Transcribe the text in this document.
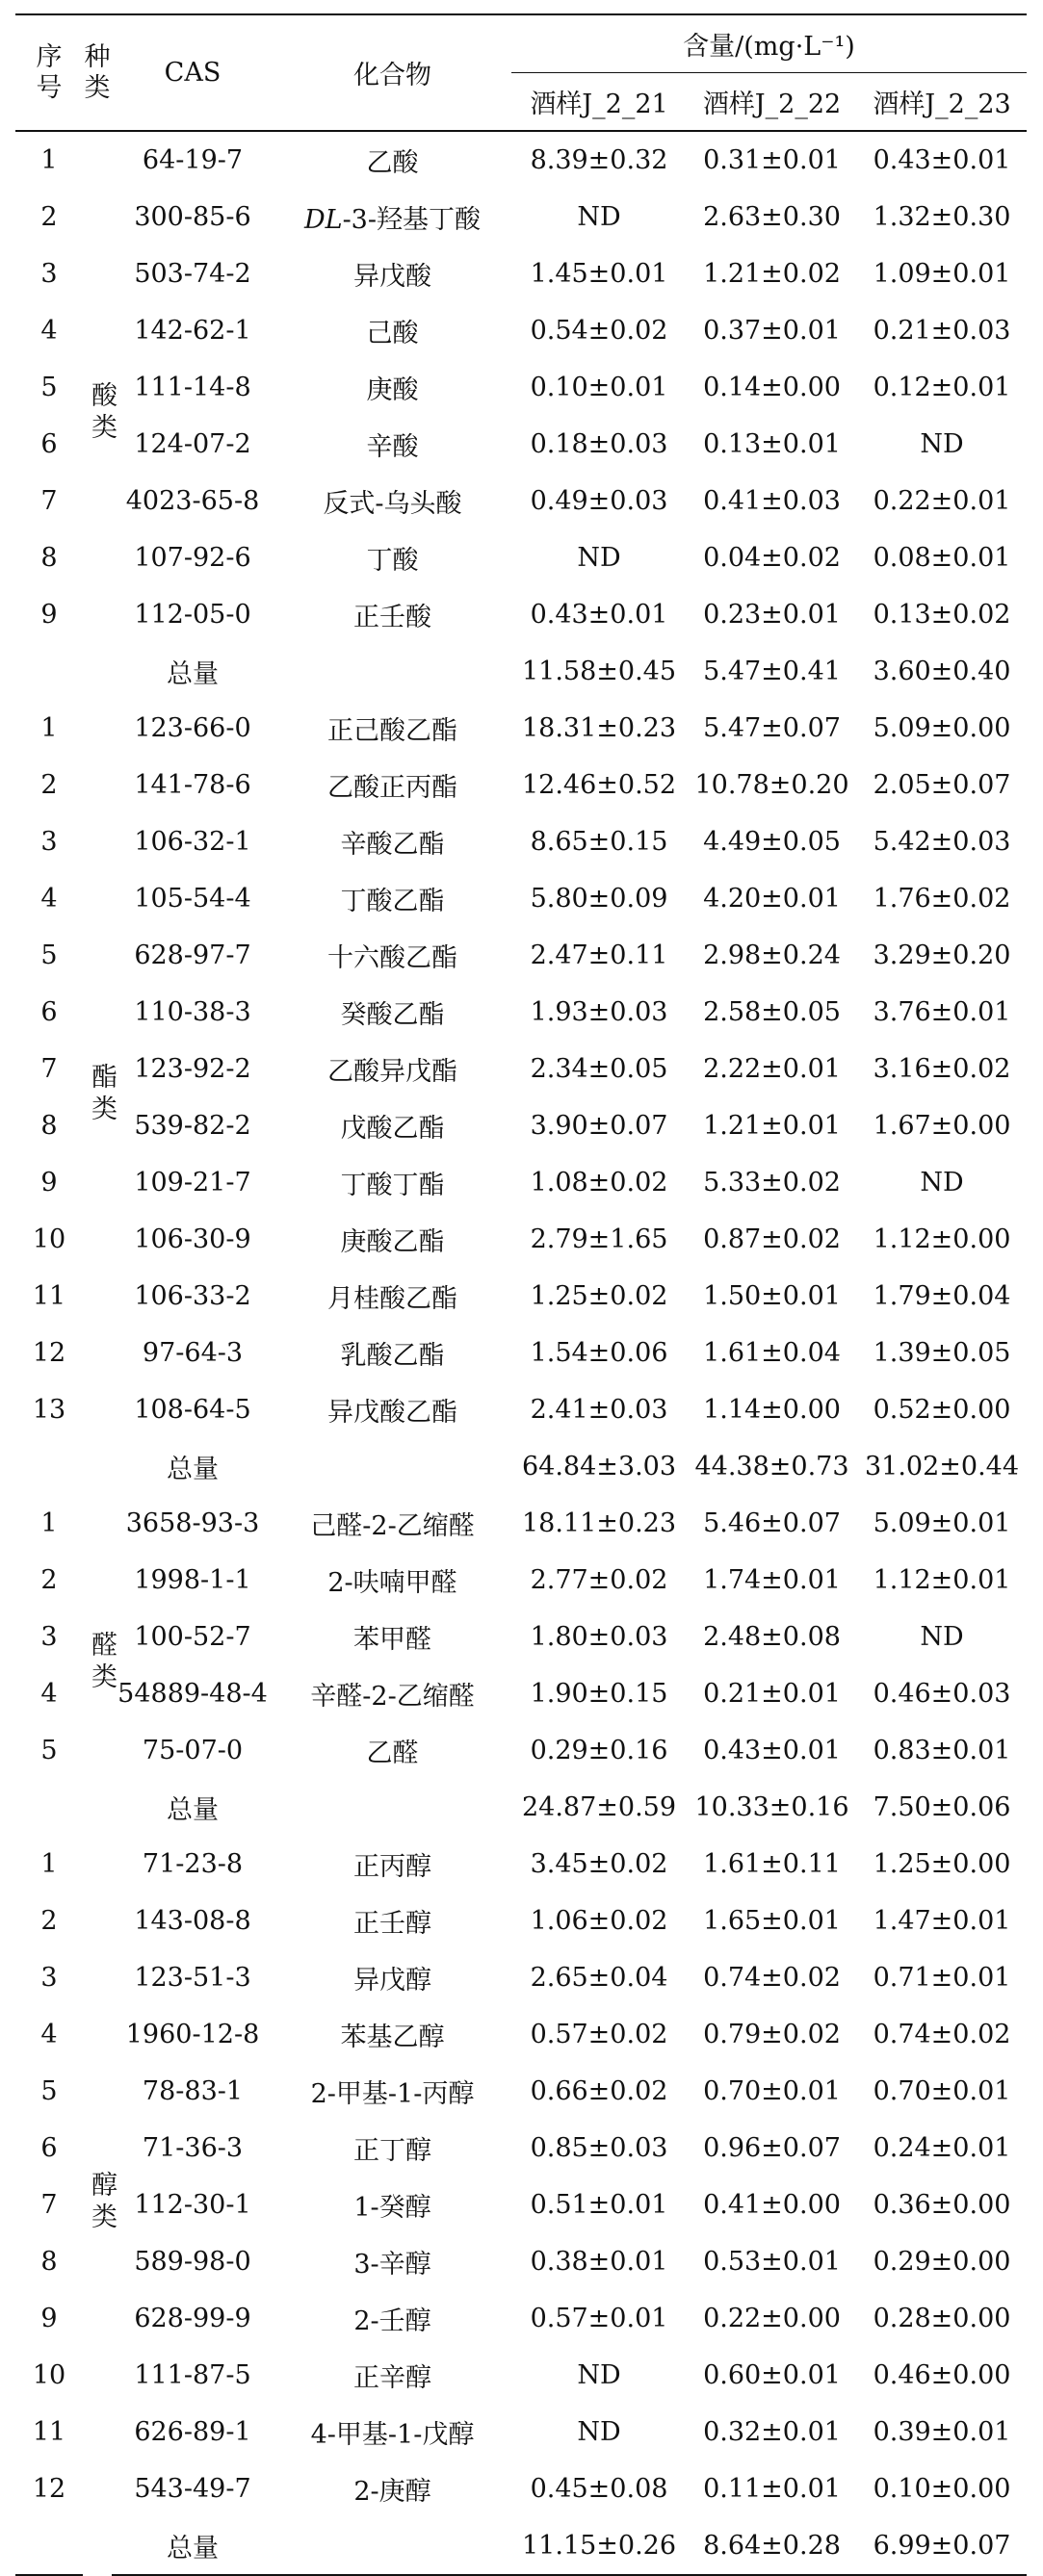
序号	种类	CAS	化合物	含量/(mg·L⁻¹)		
				酒样J_2_21	酒样J_2_22	酒样J_2_23
1	酸类	64-19-7	乙酸	8.39±0.32	0.31±0.01	0.43±0.01
2		300-85-6	DL-3-羟基丁酸	ND	2.63±0.30	1.32±0.30
3		503-74-2	异戊酸	1.45±0.01	1.21±0.02	1.09±0.01
4		142-62-1	己酸	0.54±0.02	0.37±0.01	0.21±0.03
5		111-14-8	庚酸	0.10±0.01	0.14±0.00	0.12±0.01
6		124-07-2	辛酸	0.18±0.03	0.13±0.01	ND
7		4023-65-8	反式-乌头酸	0.49±0.03	0.41±0.03	0.22±0.01
8		107-92-6	丁酸	ND	0.04±0.02	0.08±0.01
9		112-05-0	正壬酸	0.43±0.01	0.23±0.01	0.13±0.02
		总量		11.58±0.45	5.47±0.41	3.60±0.40
1	酯类	123-66-0	正己酸乙酯	18.31±0.23	5.47±0.07	5.09±0.00
2		141-78-6	乙酸正丙酯	12.46±0.52	10.78±0.20	2.05±0.07
3		106-32-1	辛酸乙酯	8.65±0.15	4.49±0.05	5.42±0.03
4		105-54-4	丁酸乙酯	5.80±0.09	4.20±0.01	1.76±0.02
5		628-97-7	十六酸乙酯	2.47±0.11	2.98±0.24	3.29±0.20
6		110-38-3	癸酸乙酯	1.93±0.03	2.58±0.05	3.76±0.01
7		123-92-2	乙酸异戊酯	2.34±0.05	2.22±0.01	3.16±0.02
8		539-82-2	戊酸乙酯	3.90±0.07	1.21±0.01	1.67±0.00
9		109-21-7	丁酸丁酯	1.08±0.02	5.33±0.02	ND
10		106-30-9	庚酸乙酯	2.79±1.65	0.87±0.02	1.12±0.00
11		106-33-2	月桂酸乙酯	1.25±0.02	1.50±0.01	1.79±0.04
12		97-64-3	乳酸乙酯	1.54±0.06	1.61±0.04	1.39±0.05
13		108-64-5	异戊酸乙酯	2.41±0.03	1.14±0.00	0.52±0.00
		总量		64.84±3.03	44.38±0.73	31.02±0.44
1	醛类	3658-93-3	己醛-2-乙缩醛	18.11±0.23	5.46±0.07	5.09±0.01
2		1998-1-1	2-呋喃甲醛	2.77±0.02	1.74±0.01	1.12±0.01
3		100-52-7	苯甲醛	1.80±0.03	2.48±0.08	ND
4		54889-48-4	辛醛-2-乙缩醛	1.90±0.15	0.21±0.01	0.46±0.03
5		75-07-0	乙醛	0.29±0.16	0.43±0.01	0.83±0.01
		总量		24.87±0.59	10.33±0.16	7.50±0.06
1	醇类	71-23-8	正丙醇	3.45±0.02	1.61±0.11	1.25±0.00
2		143-08-8	正壬醇	1.06±0.02	1.65±0.01	1.47±0.01
3		123-51-3	异戊醇	2.65±0.04	0.74±0.02	0.71±0.01
4		1960-12-8	苯基乙醇	0.57±0.02	0.79±0.02	0.74±0.02
5		78-83-1	2-甲基-1-丙醇	0.66±0.02	0.70±0.01	0.70±0.01
6		71-36-3	正丁醇	0.85±0.03	0.96±0.07	0.24±0.01
7		112-30-1	1-癸醇	0.51±0.01	0.41±0.00	0.36±0.00
8		589-98-0	3-辛醇	0.38±0.01	0.53±0.01	0.29±0.00
9		628-99-9	2-壬醇	0.57±0.01	0.22±0.00	0.28±0.00
10		111-87-5	正辛醇	ND	0.60±0.01	0.46±0.00
11		626-89-1	4-甲基-1-戊醇	ND	0.32±0.01	0.39±0.01
12		543-49-7	2-庚醇	0.45±0.08	0.11±0.01	0.10±0.00
		总量		11.15±0.26	8.64±0.28	6.99±0.07
